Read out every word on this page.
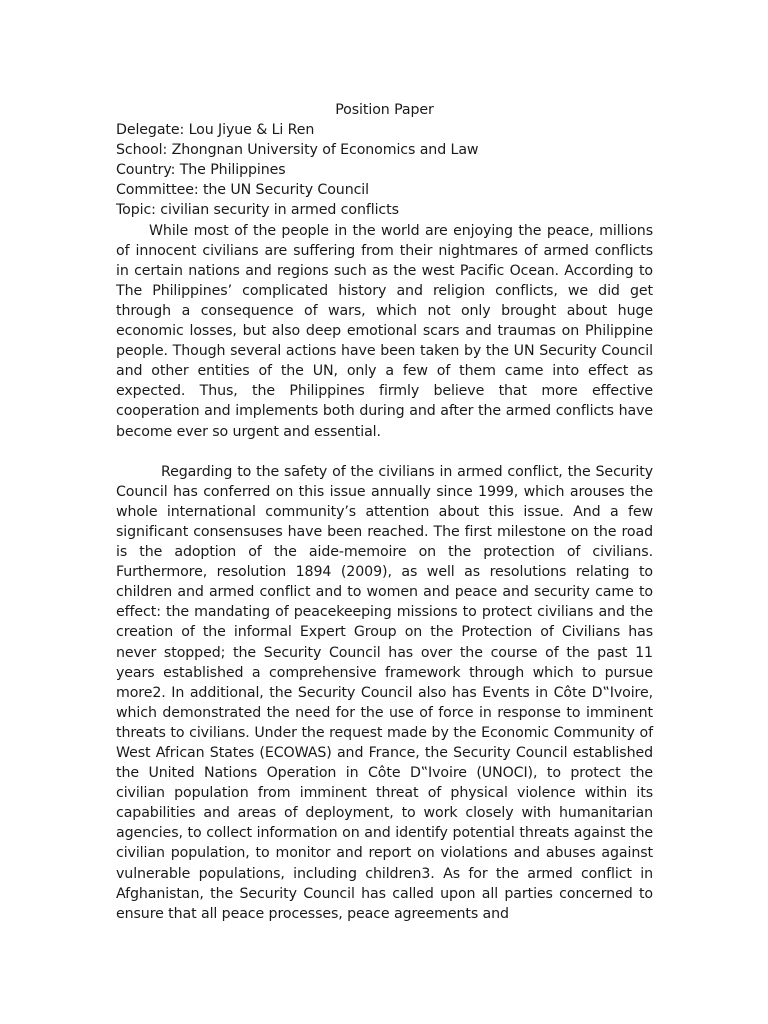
Position Paper

Delegate: Lou Jiyue & Li Ren

School: Zhongnan University of Economics and Law

Country: The Philippines

Committee: the UN Security Council

Topic: civilian security in armed conflicts

While most of the people in the world are enjoying the peace, millions of innocent civilians are suffering from their nightmares of armed conflicts in certain nations and regions such as the west Pacific Ocean. According to The Philippines’ complicated history and religion conflicts, we did get through a consequence of wars, which not only brought about huge economic losses, but also deep emotional scars and traumas on Philippine people. Though several actions have been taken by the UN Security Council and other entities of the UN, only a few of them came into effect as expected. Thus, the Philippines firmly believe that more effective cooperation and implements both during and after the armed conflicts have become ever so urgent and essential.

Regarding to the safety of the civilians in armed conflict, the Security Council has conferred on this issue annually since 1999, which arouses the whole international community’s attention about this issue. And a few significant consensuses have been reached. The first milestone on the road is the adoption of the aide-memoire on the protection of civilians. Furthermore, resolution 1894 (2009), as well as resolutions relating to children and armed conflict and to women and peace and security came to effect: the mandating of peacekeeping missions to protect civilians and the creation of the informal Expert Group on the Protection of Civilians has never stopped; the Security Council has over the course of the past 11 years established a comprehensive framework through which to pursue more2. In additional, the Security Council also has Events in Côte D‟Ivoire, which demonstrated the need for the use of force in response to imminent threats to civilians. Under the request made by the Economic Community of West African States (ECOWAS) and France, the Security Council established the United Nations Operation in Côte D‟Ivoire (UNOCI), to protect the civilian population from imminent threat of physical violence within its capabilities and areas of deployment, to work closely with humanitarian agencies, to collect information on and identify potential threats against the civilian population, to monitor and report on violations and abuses against vulnerable populations, including children3. As for the armed conflict in Afghanistan, the Security Council has called upon all parties concerned to ensure that all peace processes, peace agreements and
